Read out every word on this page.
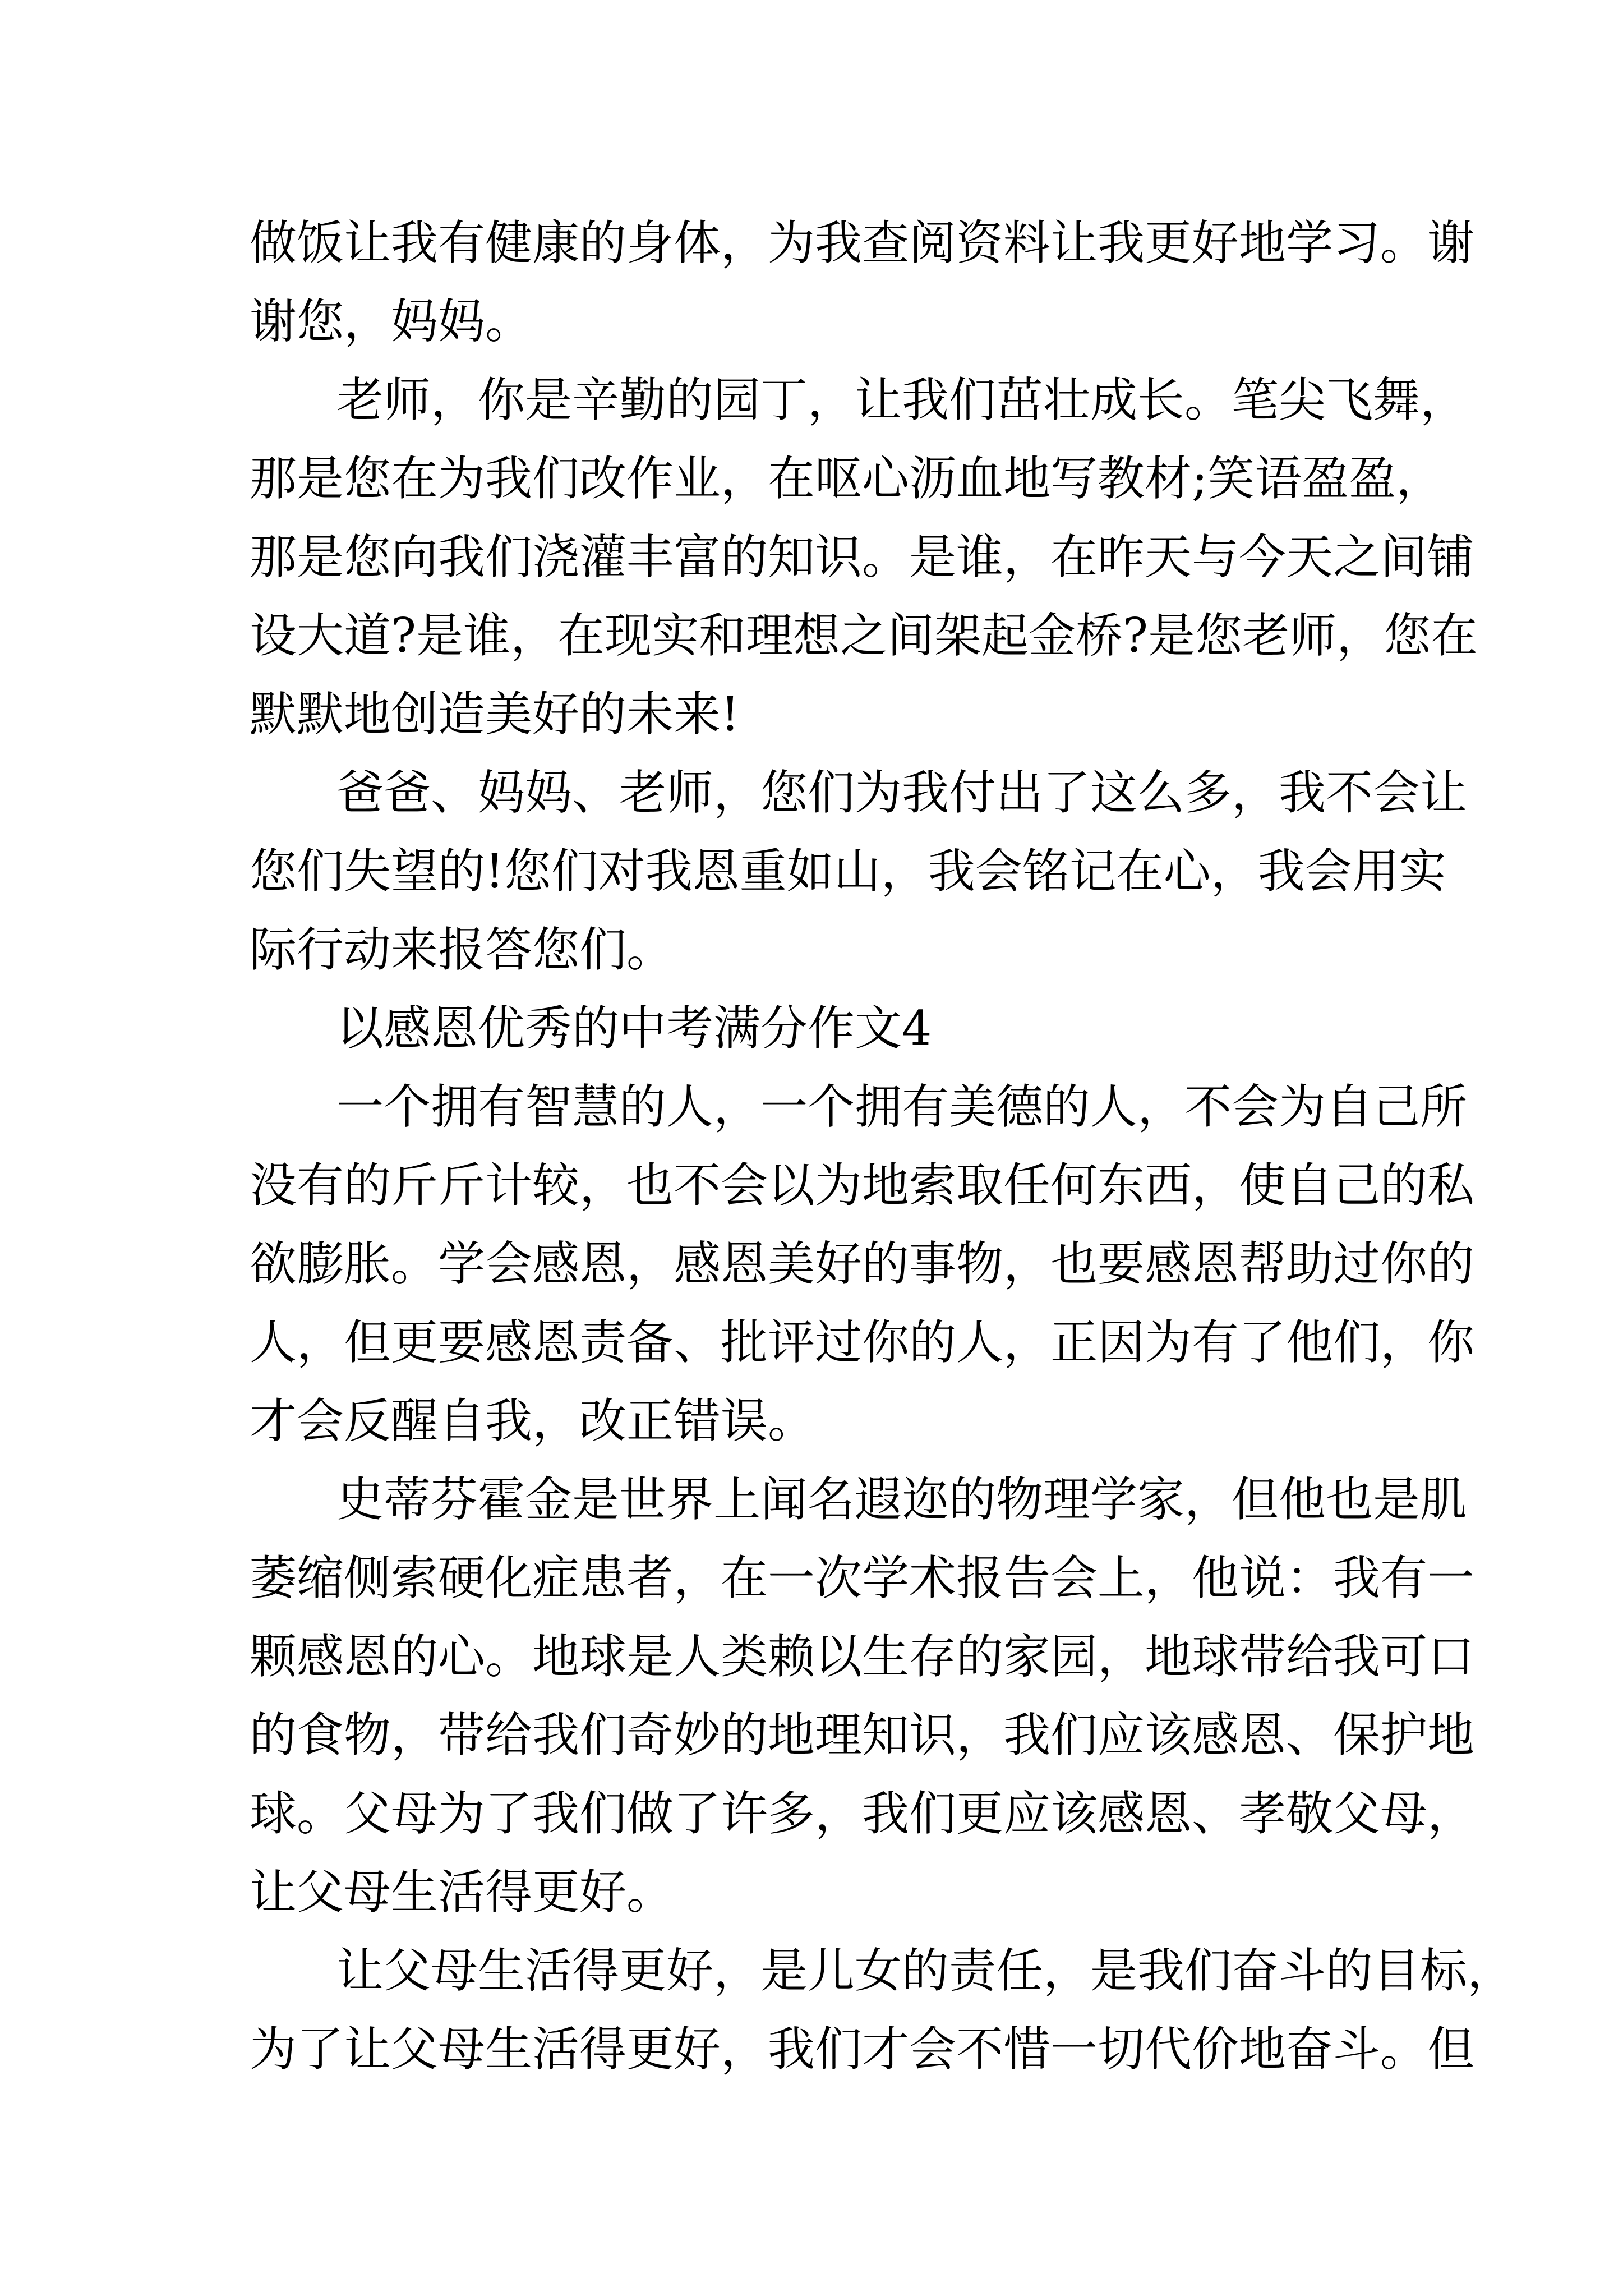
做饭让我有健康的身体，为我查阅资料让我更好地学习。谢
谢您，妈妈。
老师，你是辛勤的园丁，让我们茁壮成长。笔尖飞舞，
那是您在为我们改作业，在呕心沥血地写教材;笑语盈盈，
那是您向我们浇灌丰富的知识。是谁，在昨天与今天之间铺
设大道?是谁，在现实和理想之间架起金桥?是您老师，您在
默默地创造美好的未来!
爸爸、妈妈、老师，您们为我付出了这么多，我不会让
您们失望的!您们对我恩重如山，我会铭记在心，我会用实
际行动来报答您们。
以感恩优秀的中考满分作文4
一个拥有智慧的人，一个拥有美德的人，不会为自己所
没有的斤斤计较，也不会以为地索取任何东西，使自己的私
欲膨胀。学会感恩，感恩美好的事物，也要感恩帮助过你的
人，但更要感恩责备、批评过你的人，正因为有了他们，你
才会反醒自我，改正错误。
史蒂芬霍金是世界上闻名遐迩的物理学家，但他也是肌
萎缩侧索硬化症患者，在一次学术报告会上，他说：我有一
颗感恩的心。地球是人类赖以生存的家园，地球带给我可口
的食物，带给我们奇妙的地理知识，我们应该感恩、保护地
球。父母为了我们做了许多，我们更应该感恩、孝敬父母，
让父母生活得更好。
让父母生活得更好，是儿女的责任，是我们奋斗的目标，
为了让父母生活得更好，我们才会不惜一切代价地奋斗。但
